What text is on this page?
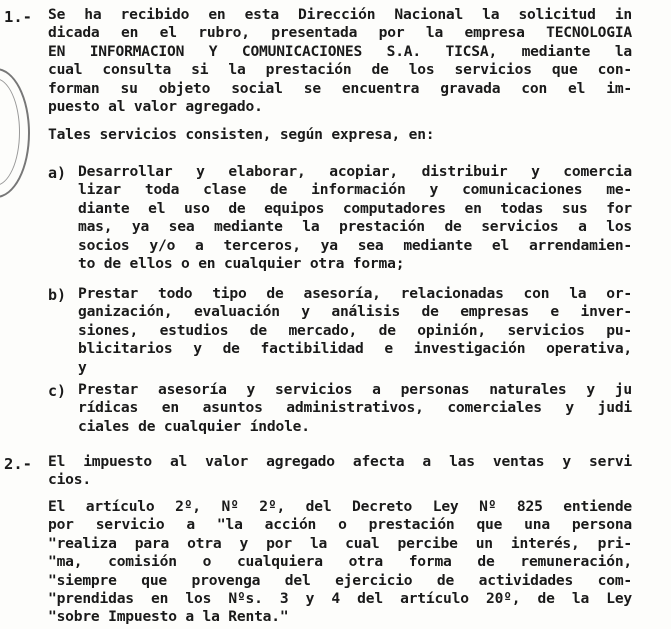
1.- Se ha recibido en esta Dirección Nacional la solicitud in
dicada en el rubro, presentada por la empresa TECNOLOGIA
EN INFORMACION Y COMUNICACIONES S.A. TICSA, mediante la
cual consulta si la prestación de los servicios que con-
forman su objeto social se encuentra gravada con el im-
puesto al valor agregado.
Tales servicios consisten, según expresa, en:
a) Desarrollar y elaborar, acopiar, distribuir y comercia
lizar toda clase de información y comunicaciones me-
diante el uso de equipos computadores en todas sus for
mas, ya sea mediante la prestación de servicios a los
socios y/o a terceros, ya sea mediante el arrendamien-
to de ellos o en cualquier otra forma;
b) Prestar todo tipo de asesoría, relacionadas con la or-
ganización, evaluación y análisis de empresas e inver-
siones, estudios de mercado, de opinión, servicios pu-
blicitarios y de factibilidad e investigación operativa,
y
c) Prestar asesoría y servicios a personas naturales y ju
rídicas en asuntos administrativos, comerciales y judi
ciales de cualquier índole.
2.- El impuesto al valor agregado afecta a las ventas y servi
cios.
El artículo 2º, Nº 2º, del Decreto Ley Nº 825 entiende
por servicio a "la acción o prestación que una persona
"realiza para otra y por la cual percibe un interés, pri-
"ma, comisión o cualquiera otra forma de remuneración,
"siempre que provenga del ejercicio de actividades com-
"prendidas en los Nºs. 3 y 4 del artículo 20º, de la Ley
"sobre Impuesto a la Renta."
